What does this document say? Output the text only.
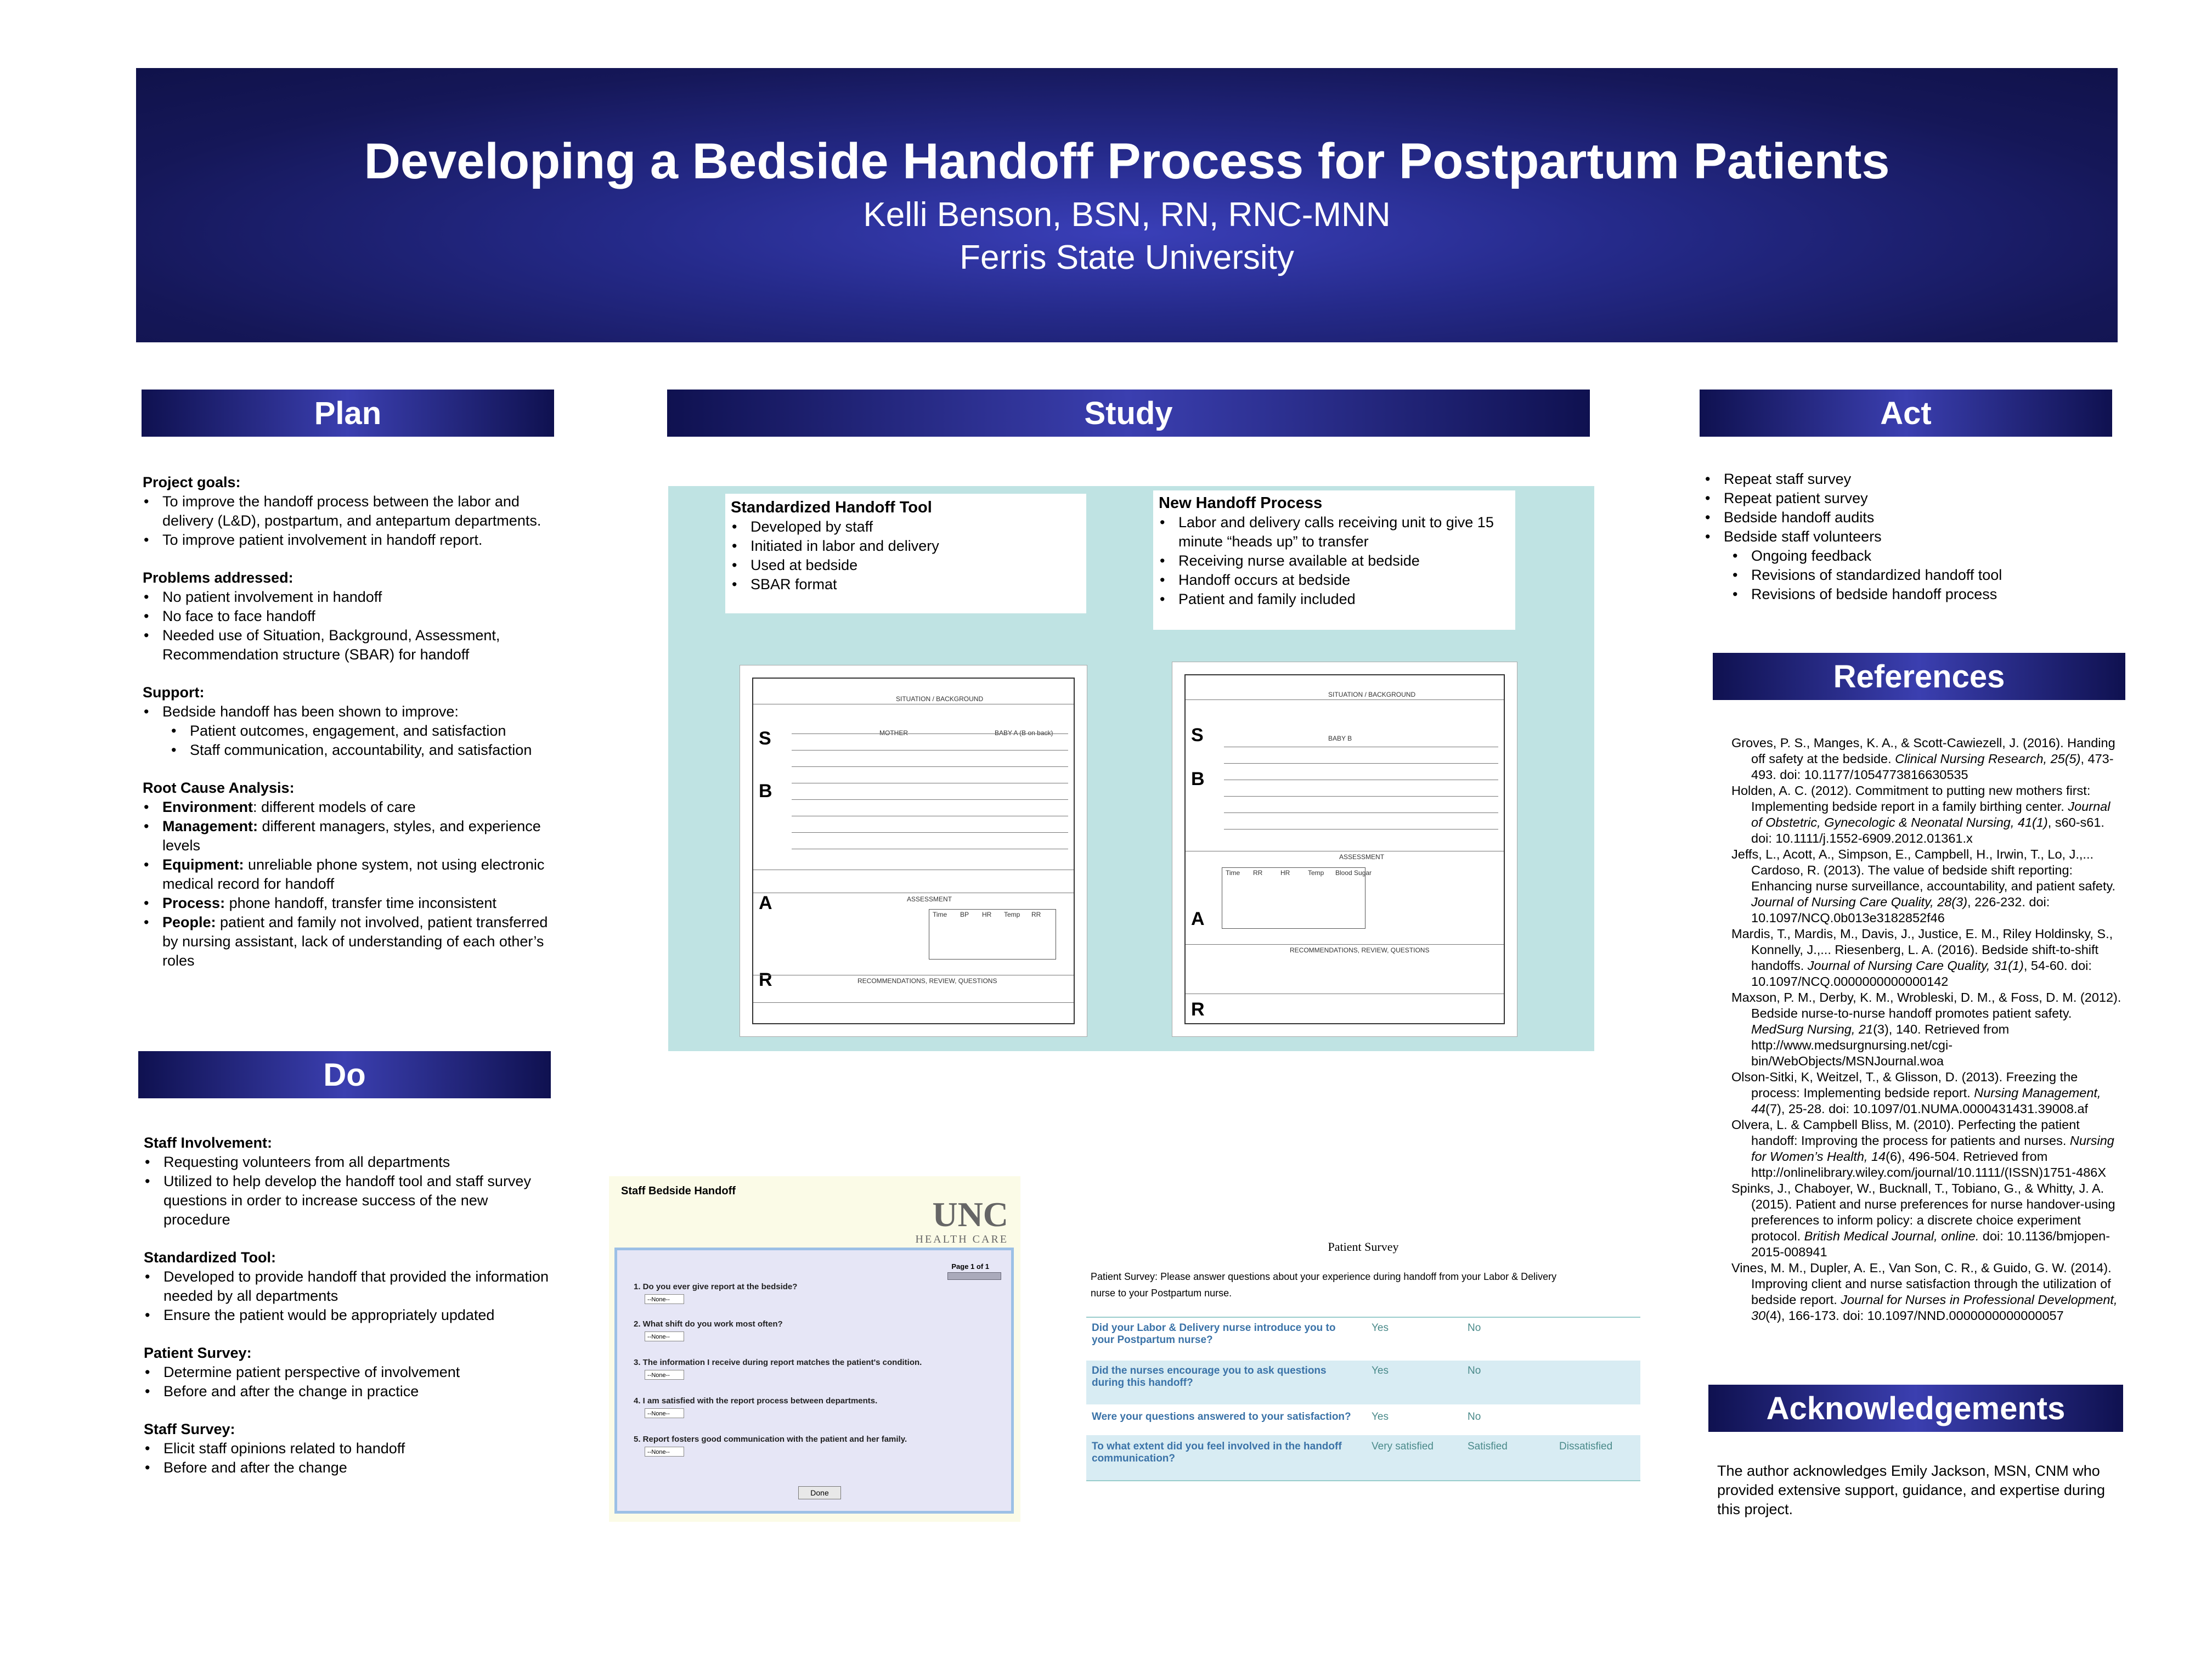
Developing a Bedside Handoff Process for Postpartum Patients
Kelli Benson, BSN, RN, RNC-MNN
Ferris State University
Plan	Study	Act
Do
References
Acknowledgements
Project goals:
• To improve the handoff process between the labor and delivery (L&D), postpartum, and antepartum departments.
• To improve patient involvement in handoff report.
Problems addressed:
• No patient involvement in handoff
• No face to face handoff
• Needed use of Situation, Background, Assessment, Recommendation structure (SBAR) for handoff
Support:
• Bedside handoff has been shown to improve:
• Patient outcomes, engagement, and satisfaction
• Staff communication, accountability, and satisfaction
Root Cause Analysis:
• Environment: different models of care
• Management: different managers, styles, and experience levels
• Equipment: unreliable phone system, not using electronic medical record for handoff
• Process: phone handoff, transfer time inconsistent
• People: patient and family not involved, patient transferred by nursing assistant, lack of understanding of each other’s roles
Staff Involvement:
• Requesting volunteers from all departments
• Utilized to help develop the handoff tool and staff survey questions in order to increase success of the new procedure
Standardized Tool:
• Developed to provide handoff that provided the information needed by all departments
• Ensure the patient would be appropriately updated
Patient Survey:
• Determine patient perspective of involvement
• Before and after the change in practice
Staff Survey:
• Elicit staff opinions related to handoff
• Before and after the change
Standardized Handoff Tool
• Developed by staff
• Initiated in labor and delivery
• Used at bedside
• SBAR format
New Handoff Process
• Labor and delivery calls receiving unit to give 15 minute “heads up” to transfer
• Receiving nurse available at bedside
• Handoff occurs at bedside
• Patient and family included
SITUATION / BACKGROUND
S	MOTHER	BABY A (B on back)
B
ASSESSMENT
A
Time BP HR Temp RR
R	RECOMMENDATIONS, REVIEW, QUESTIONS
SITUATION / BACKGROUND
S	BABY B
B
ASSESSMENT
A
Time RR	HR	Temp Blood Sugar
RECOMMENDATIONS, REVIEW, QUESTIONS
R
Staff Bedside Handoff
UNC
HEALTH CARE
Page 1 of 1
1. Do you ever give report at the bedside?
--None--
2. What shift do you work most often?
--None--
3. The information I receive during report matches the patient's condition.
--None--
4. I am satisfied with the report process between departments.
--None--
5. Report fosters good communication with the patient and her family.
--None--
Done
Patient Survey
Patient Survey: Please answer questions about your experience during handoff from your Labor & Delivery nurse to your Postpartum nurse.
Did your Labor & Delivery nurse introduce you to your Postpartum nurse?
Yes	No
Did the nurses encourage you to ask questions during this handoff?
Yes	No
Were your questions answered to your satisfaction?	Yes	No
To what extent did you feel involved in the handoff communication?
Very satisfied	Satisfied	Dissatisfied
• Repeat staff survey
• Repeat patient survey
• Bedside handoff audits
• Bedside staff volunteers
• Ongoing feedback
• Revisions of standardized handoff tool
• Revisions of bedside handoff process

Groves, P. S., Manges, K. A., & Scott-Cawiezell, J. (2016). Handing off safety at the bedside. Clinical Nursing Research, 25(5), 473-493. doi: 10.1177/1054773816630535

Holden, A. C. (2012). Commitment to putting new mothers first: Implementing bedside report in a family birthing center. Journal of Obstetric, Gynecologic & Neonatal Nursing, 41(1), s60-s61. doi: 10.1111/j.1552-6909.2012.01361.x

Jeffs, L., Acott, A., Simpson, E., Campbell, H., Irwin, T., Lo, J.,... Cardoso, R. (2013). The value of bedside shift reporting: Enhancing nurse surveillance, accountability, and patient safety. Journal of Nursing Care Quality, 28(3), 226-232. doi: 10.1097/NCQ.0b013e3182852f46

Mardis, T., Mardis, M., Davis, J., Justice, E. M., Riley Holdinsky, S., Konnelly, J.,... Riesenberg, L. A. (2016). Bedside shift-to-shift handoffs. Journal of Nursing Care Quality, 31(1), 54-60. doi: 10.1097/NCQ.0000000000000142

Maxson, P. M., Derby, K. M., Wrobleski, D. M., & Foss, D. M. (2012). Bedside nurse-to-nurse handoff promotes patient safety. MedSurg Nursing, 21(3), 140. Retrieved from http://www.medsurgnursing.net/cgi-bin/WebObjects/MSNJournal.woa

Olson-Sitki, K, Weitzel, T., & Glisson, D. (2013). Freezing the process: Implementing bedside report. Nursing Management, 44(7), 25-28. doi: 10.1097/01.NUMA.0000431431.39008.af

Olvera, L. & Campbell Bliss, M. (2010). Perfecting the patient handoff: Improving the process for patients and nurses. Nursing for Women’s Health, 14(6), 496-504. Retrieved from http://onlinelibrary.wiley.com/journal/10.1111/(ISSN)1751-486X

Spinks, J., Chaboyer, W., Bucknall, T., Tobiano, G., & Whitty, J. A. (2015). Patient and nurse preferences for nurse handover-using preferences to inform policy: a discrete choice experiment protocol. British Medical Journal, online. doi: 10.1136/bmjopen-2015-008941

Vines, M. M., Dupler, A. E., Van Son, C. R., & Guido, G. W. (2014). Improving client and nurse satisfaction through the utilization of bedside report. Journal for Nurses in Professional Development, 30(4), 166-173. doi: 10.1097/NND.0000000000000057

The author acknowledges Emily Jackson, MSN, CNM who provided extensive support, guidance, and expertise during this project.
